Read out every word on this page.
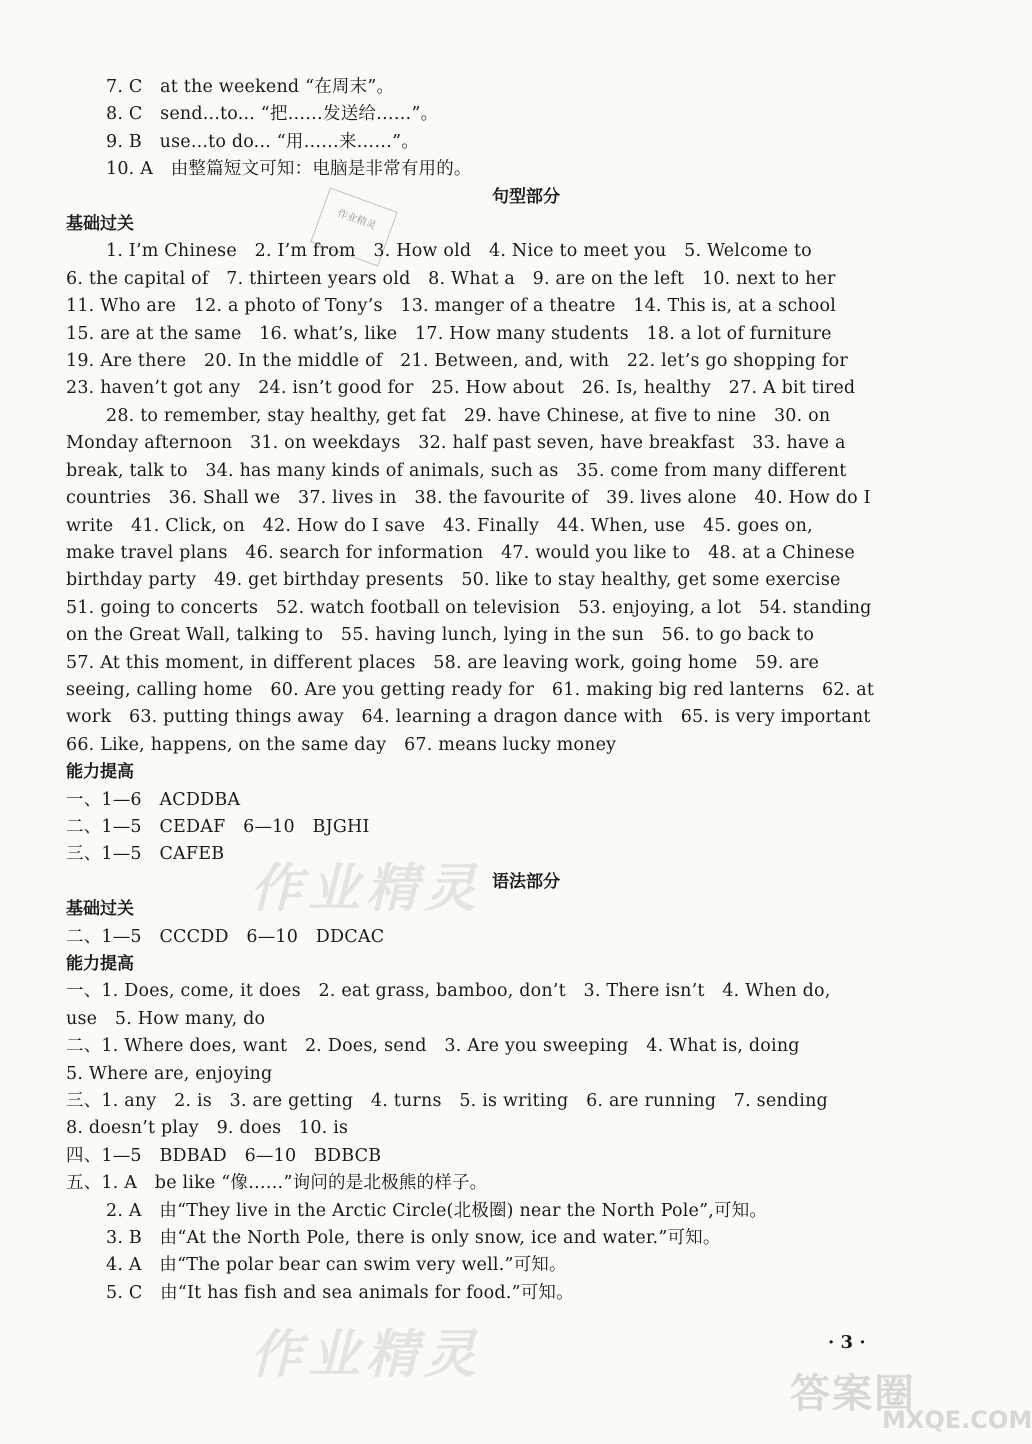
作业精灵
作业精灵

作业精灵
答案圈
MXQE.COM
7. C　at the weekend “在周末”。
8. C　send...to... “把……发送给……”。
9. B　use...to do... “用……来……”。
10. A　由整篇短文可知：电脑是非常有用的。
句型部分
基础过关
1. I’m Chinese　2. I’m from　3. How old　4. Nice to meet you　5. Welcome to
6. the capital of　7. thirteen years old　8. What a　9. are on the left　10. next to her
11. Who are　12. a photo of Tony’s　13. manger of a theatre　14. This is, at a school
15. are at the same　16. what’s, like　17. How many students　18. a lot of furniture
19. Are there　20. In the middle of　21. Between, and, with　22. let’s go shopping for
23. haven’t got any　24. isn’t good for　25. How about　26. Is, healthy　27. A bit tired
28. to remember, stay healthy, get fat　29. have Chinese, at five to nine　30. on
Monday afternoon　31. on weekdays　32. half past seven, have breakfast　33. have a
break, talk to　34. has many kinds of animals, such as　35. come from many different
countries　36. Shall we　37. lives in　38. the favourite of　39. lives alone　40. How do I
write　41. Click, on　42. How do I save　43. Finally　44. When, use　45. goes on,
make travel plans　46. search for information　47. would you like to　48. at a Chinese
birthday party　49. get birthday presents　50. like to stay healthy, get some exercise
51. going to concerts　52. watch football on television　53. enjoying, a lot　54. standing
on the Great Wall, talking to　55. having lunch, lying in the sun　56. to go back to
57. At this moment, in different places　58. are leaving work, going home　59. are
seeing, calling home　60. Are you getting ready for　61. making big red lanterns　62. at
work　63. putting things away　64. learning a dragon dance with　65. is very important
66. Like, happens, on the same day　67. means lucky money
能力提高
一、1—6　ACDDBA
二、1—5　CEDAF　6—10　BJGHI
三、1—5　CAFEB
语法部分
基础过关
二、1—5　CCCDD　6—10　DDCAC
能力提高
一、1. Does, come, it does　2. eat grass, bamboo, don’t　3. There isn’t　4. When do,
use　5. How many, do
二、1. Where does, want　2. Does, send　3. Are you sweeping　4. What is, doing
5. Where are, enjoying
三、1. any　2. is　3. are getting　4. turns　5. is writing　6. are running　7. sending
8. doesn’t play　9. does　10. is
四、1—5　BDBAD　6—10　BDBCB
五、1. A　be like “像……”询问的是北极熊的样子。
2. A　由“They live in the Arctic Circle(北极圈) near the North Pole”,可知。
3. B　由“At the North Pole, there is only snow, ice and water.”可知。
4. A　由“The polar bear can swim very well.”可知。
5. C　由“It has fish and sea animals for food.”可知。
· 3 ·
